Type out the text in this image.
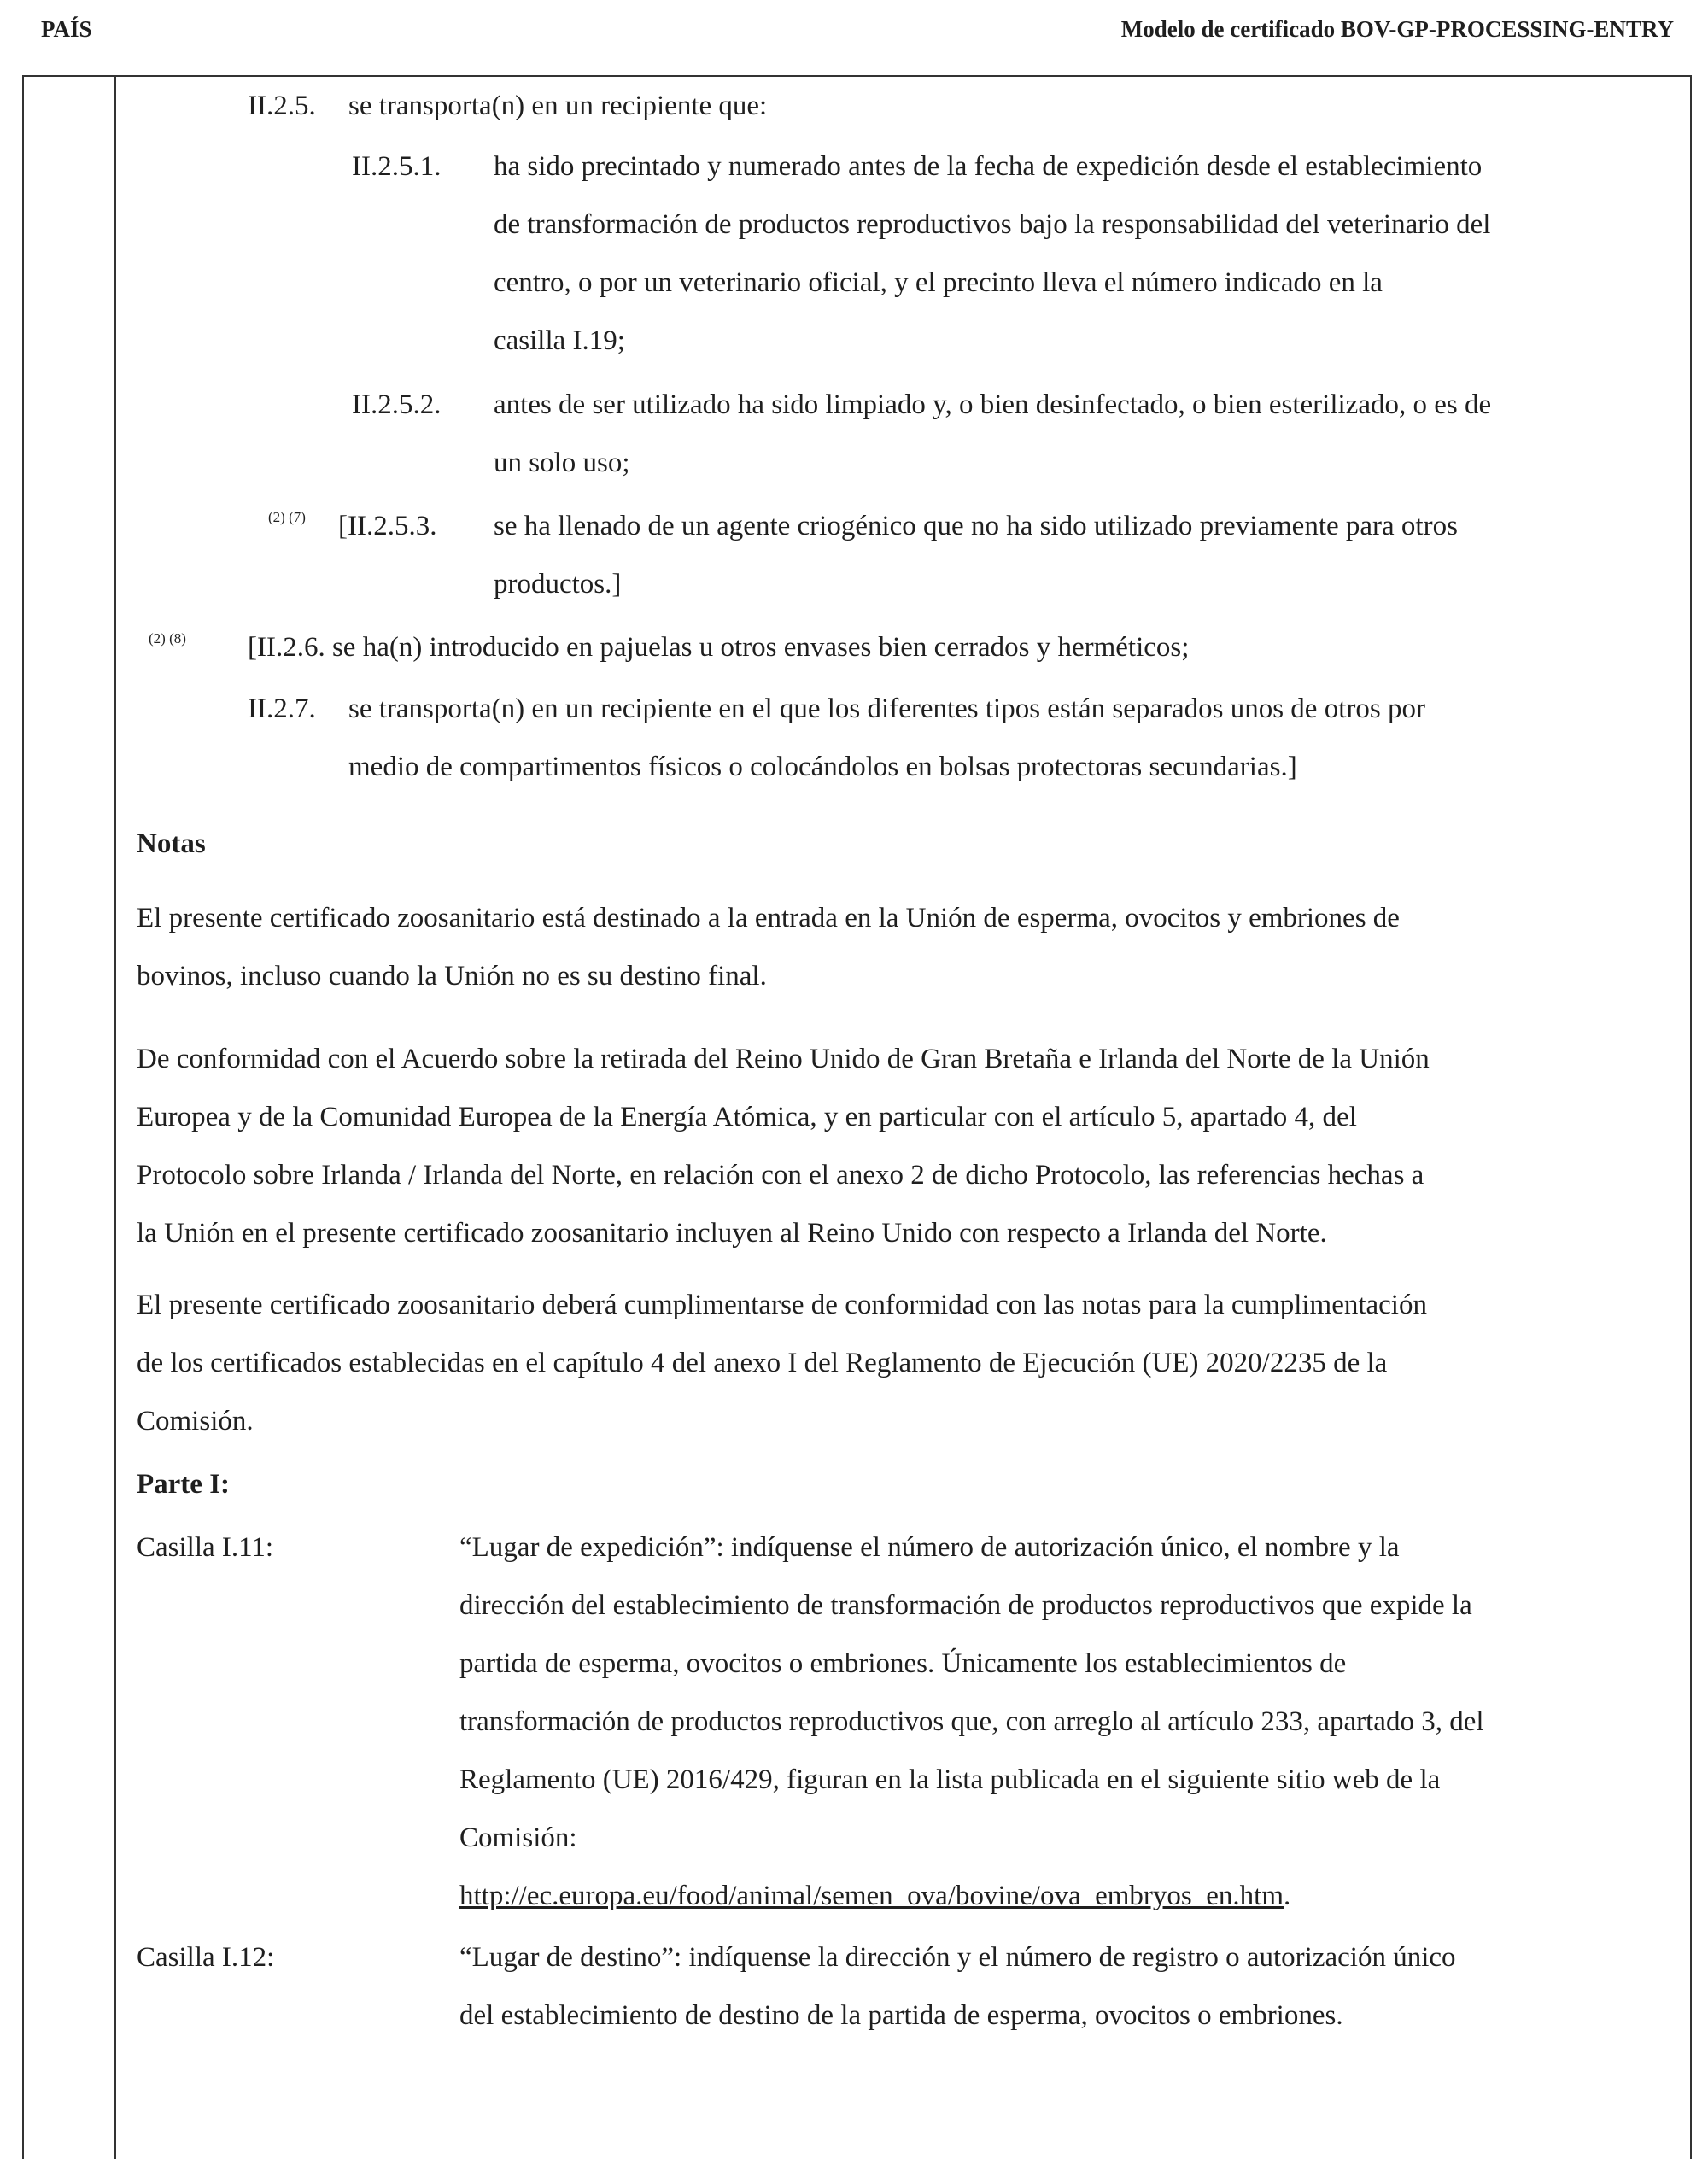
PAÍS	Modelo de certificado BOV-GP-PROCESSING-ENTRY
II.2.5. se transporta(n) en un recipiente que:
II.2.5.1. ha sido precintado y numerado antes de la fecha de expedición desde el establecimiento
de transformación de productos reproductivos bajo la responsabilidad del veterinario del
centro, o por un veterinario oficial, y el precinto lleva el número indicado en la
casilla I.19;
II.2.5.2. antes de ser utilizado ha sido limpiado y, o bien desinfectado, o bien esterilizado, o es de
un solo uso;
(2) (7) [II.2.5.3. se ha llenado de un agente criogénico que no ha sido utilizado previamente para otros
productos.]
(2) (8) [II.2.6. se ha(n) introducido en pajuelas u otros envases bien cerrados y herméticos;
II.2.7. se transporta(n) en un recipiente en el que los diferentes tipos están separados unos de otros por
medio de compartimentos físicos o colocándolos en bolsas protectoras secundarias.]
Notas
El presente certificado zoosanitario está destinado a la entrada en la Unión de esperma, ovocitos y embriones de
bovinos, incluso cuando la Unión no es su destino final.
De conformidad con el Acuerdo sobre la retirada del Reino Unido de Gran Bretaña e Irlanda del Norte de la Unión
Europea y de la Comunidad Europea de la Energía Atómica, y en particular con el artículo 5, apartado 4, del
Protocolo sobre Irlanda / Irlanda del Norte, en relación con el anexo 2 de dicho Protocolo, las referencias hechas a
la Unión en el presente certificado zoosanitario incluyen al Reino Unido con respecto a Irlanda del Norte.
El presente certificado zoosanitario deberá cumplimentarse de conformidad con las notas para la cumplimentación
de los certificados establecidas en el capítulo 4 del anexo I del Reglamento de Ejecución (UE) 2020/2235 de la
Comisión.
Parte I:
Casilla I.11:	“Lugar de expedición”: indíquense el número de autorización único, el nombre y la
dirección del establecimiento de transformación de productos reproductivos que expide la
partida de esperma, ovocitos o embriones. Únicamente los establecimientos de
transformación de productos reproductivos que, con arreglo al artículo 233, apartado 3, del
Reglamento (UE) 2016/429, figuran en la lista publicada en el siguiente sitio web de la
Comisión:
http://ec.europa.eu/food/animal/semen_ova/bovine/ova_embryos_en.htm.
Casilla I.12:	“Lugar de destino”: indíquense la dirección y el número de registro o autorización único
del establecimiento de destino de la partida de esperma, ovocitos o embriones.
